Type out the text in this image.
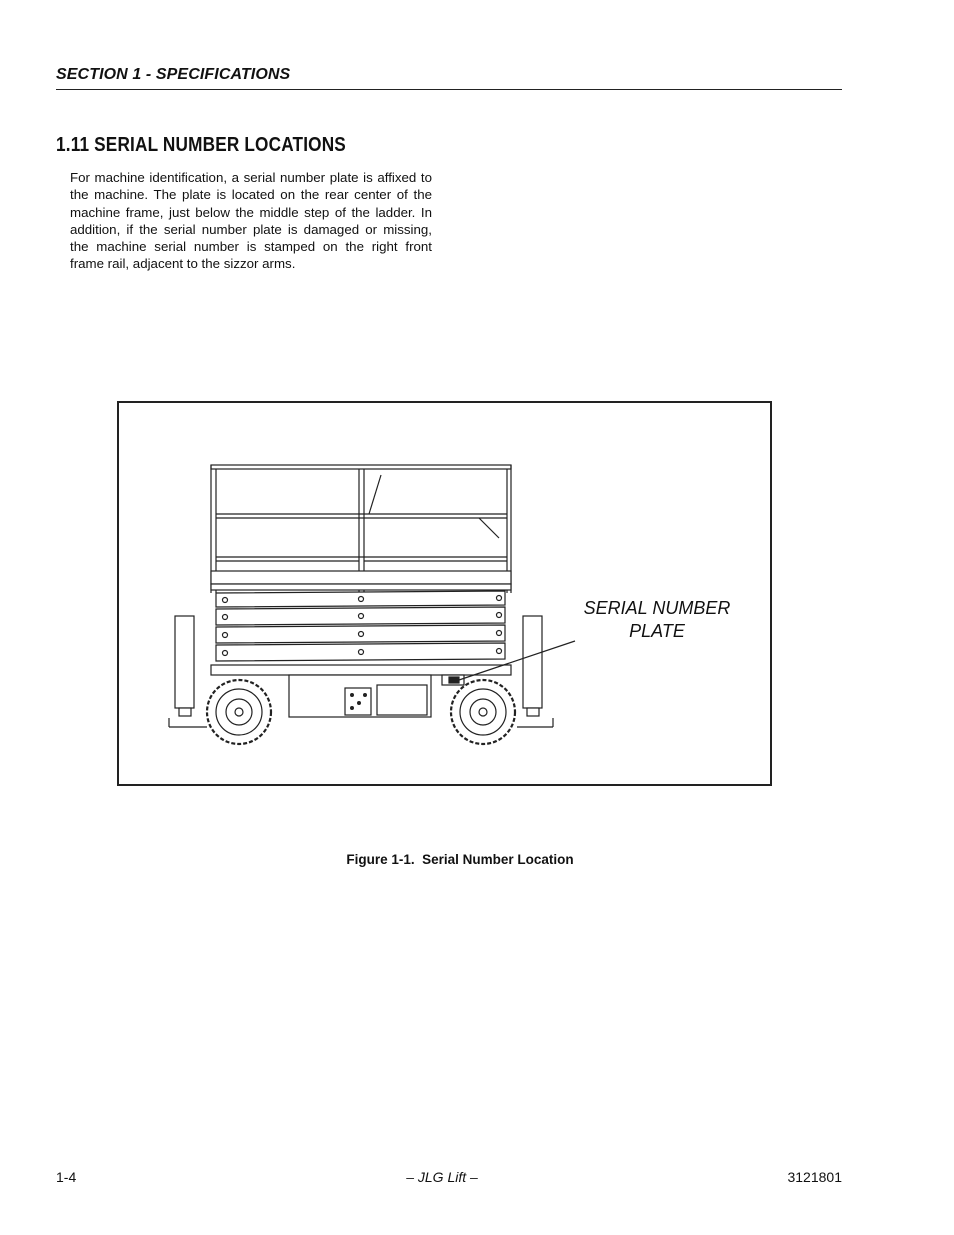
SECTION 1 - SPECIFICATIONS
1.11 SERIAL NUMBER LOCATIONS
For machine identification, a serial number plate is affixed to the machine. The plate is located on the rear center of the machine frame, just below the middle step of the ladder. In addition, if the serial number plate is damaged or missing, the machine serial number is stamped on the right front frame rail, adjacent to the sizzor arms.
SERIAL NUMBER
PLATE
Figure 1-1. Serial Number Location
1-4	– JLG Lift –	3121801
